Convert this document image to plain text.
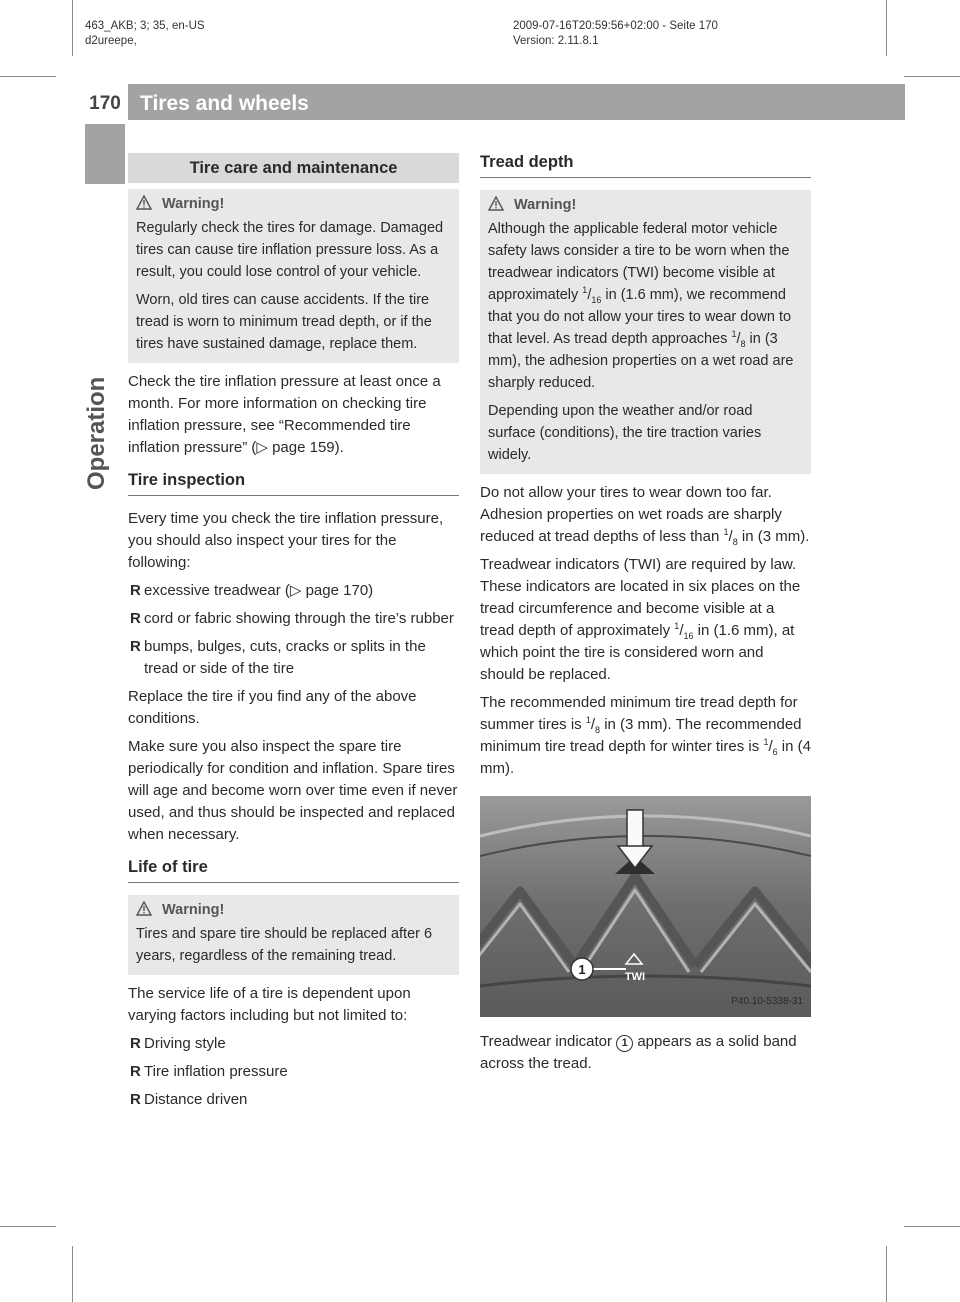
463_AKB; 3; 35, en-US
d2ureepe,
2009-07-16T20:59:56+02:00 - Seite 170
Version: 2.11.8.1
170 Tires and wheels
Operation
Tire care and maintenance
Warning!

Regularly check the tires for damage. Damaged tires can cause tire inflation pressure loss. As a result, you could lose control of your vehicle.

Worn, old tires can cause accidents. If the tire tread is worn to minimum tread depth, or if the tires have sustained damage, replace them.

Check the tire inflation pressure at least once a month. For more information on checking tire inflation pressure, see “Recommended tire inflation pressure” (▷ page 159).

Tire inspection

Every time you check the tire inflation pressure, you should also inspect your tires for the following:

R excessive treadwear (▷ page 170)
R cord or fabric showing through the tire’s rubber
R bumps, bulges, cuts, cracks or splits in the tread or side of the tire

Replace the tire if you find any of the above conditions.

Make sure you also inspect the spare tire periodically for condition and inflation. Spare tires will age and become worn over time even if never used, and thus should be inspected and replaced when necessary.

Life of tire
Warning!

Tires and spare tire should be replaced after 6 years, regardless of the remaining tread.

The service life of a tire is dependent upon varying factors including but not limited to:

R Driving style
R Tire inflation pressure
R Distance driven
Tread depth
Warning!

Although the applicable federal motor vehicle safety laws consider a tire to be worn when the treadwear indicators (TWI) become visible at approximately $^1/_{16}$ in (1.6 mm), we recommend that you do not allow your tires to wear down to that level. As tread depth approaches $^1/_8$ in (3 mm), the adhesion properties on a wet road are sharply reduced.

Depending upon the weather and/or road surface (conditions), the tire traction varies widely.

Do not allow your tires to wear down too far. Adhesion properties on wet roads are sharply reduced at tread depths of less than $^1/_8$ in (3 mm).

Treadwear indicators (TWI) are required by law. These indicators are located in six places on the tread circumference and become visible at a tread depth of approximately $^1/_{16}$ in (1.6 mm), at which point the tire is considered worn and should be replaced.

The recommended minimum tire tread depth for summer tires is $^1/_8$ in (3 mm). The recommended minimum tire tread depth for winter tires is $^1/_6$ in (4 mm).

1	TWI
P40.10-5338-31

Treadwear indicator 1 appears as a solid band across the tread.
